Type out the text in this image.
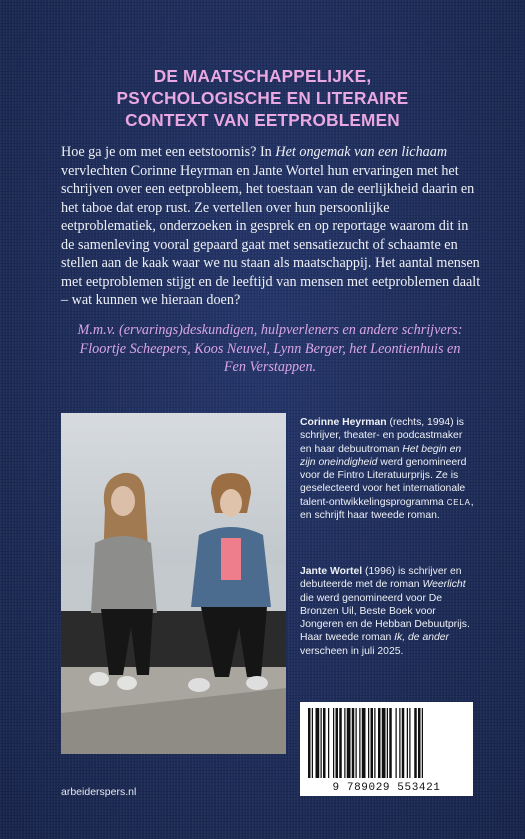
DE MAATSCHAPPELIJKE,
PSYCHOLOGISCHE EN LITERAIRE
CONTEXT VAN EETPROBLEMEN

Hoe ga je om met een eetstoornis? In Het ongemak van een lichaam vervlechten Corinne Heyrman en Jante Wortel hun ervaringen met het schrijven over een eetprobleem, het toestaan van de eerlijkheid daarin en het taboe dat erop rust. Ze vertellen over hun persoonlijke eetproblematiek, onderzoeken in gesprek en op reportage waarom dit in de samenleving vooral gepaard gaat met sensatiezucht of schaamte en stellen aan de kaak waar we nu staan als maatschappij. Het aantal mensen met eetproblemen stijgt en de leeftijd van mensen met eetproblemen daalt – wat kunnen we hieraan doen?

M.m.v. (ervarings)deskundigen, hulpverleners en andere schrijvers: Floortje Scheepers, Koos Neuvel, Lynn Berger, het Leontienhuis en Fen Verstappen.

Corinne Heyrman (rechts, 1994) is schrijver, theater- en podcastmaker en haar debuutroman Het begin en zijn oneindigheid werd genomineerd voor de Fintro Literatuurprijs. Ze is geselecteerd voor het internationale talent-ontwikkelingsprogramma CELA, en schrijft haar tweede roman.

Jante Wortel (1996) is schrijver en debuteerde met de roman Weerlicht die werd genomineerd voor De Bronzen Uil, Beste Boek voor Jongeren en de Hebban Debuutprijs. Haar tweede roman Ik, de ander verscheen in juli 2025.

arbeiderspers.nl	9 789029 553421
